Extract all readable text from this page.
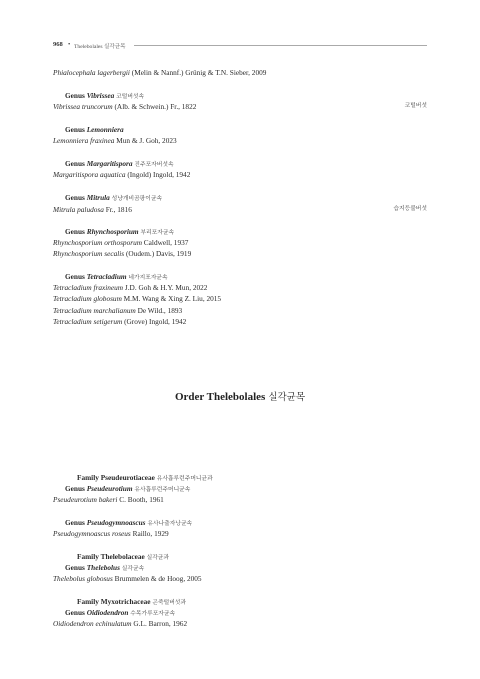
968 • Thelebolales 실각균목
Phialocephala lagerbergii (Melin & Nannf.) Grünig & T.N. Sieber, 2009
Genus Vibrissea 코털버섯속
Vibrissea truncorum (Alb. & Schwein.) Fr., 1822	코털버섯
Genus Lemonniera
Lemonniera fraxinea Mun & J. Goh, 2023
Genus Margaritispora 진주포자버섯속
Margaritispora aquatica (Ingold) Ingold, 1942
Genus Mitrula 성냥개비곰팡이균속
Mitrula paludosa Fr., 1816	습지등불버섯
Genus Rhynchosporium 부리포자균속
Rhynchosporium orthosporum Caldwell, 1937
Rhynchosporium secalis (Oudem.) Davis, 1919
Genus Tetracladium 네가지포자균속
Tetracladium fraxineum J.D. Goh & H.Y. Mun, 2022
Tetracladium globosum M.M. Wang & Xing Z. Liu, 2015
Tetracladium marchalianum De Wild., 1893
Tetracladium setigerum (Grove) Ingold, 1942
Order Thelebolales 실각균목
Family Pseudeurotiaceae 유사흡루런주머니균과
Genus Pseudeurotium 유사흡루런주머니균속
Pseudeurotium bakeri C. Booth, 1961
Genus Pseudogymnoascus 유사나출자낭균속
Pseudogymnoascus roseus Raillo, 1929
Family Thelebolaceae 실각균과
Genus Thelebolus 실각균속
Thelebolus globosus Brummelen & de Hoog, 2005
Family Myxotrichaceae 곤죽털버섯과
Genus Oidiodendron 수목가루포자균속
Oidiodendron echinulatum G.L. Barron, 1962
